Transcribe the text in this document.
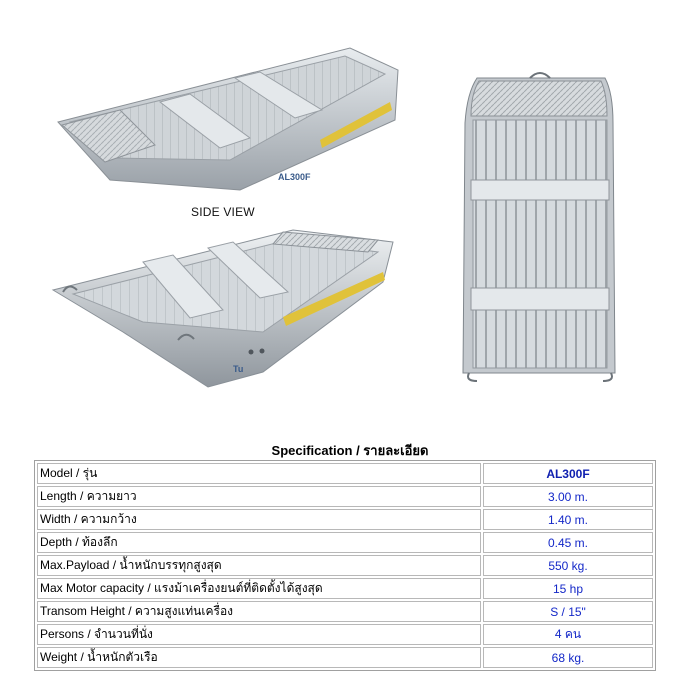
AL300F
SIDE VIEW
Tu
Specification / รายละเอียด
Model / รุ่น	AL300F
Length / ความยาว	3.00 m.
Width / ความกว้าง	1.40 m.
Depth / ท้องลึก	0.45 m.
Max.Payload / น้ำหนักบรรทุกสูงสุด	550 kg.
Max Motor capacity / แรงม้าเครื่องยนต์ที่ติดตั้งได้สูงสุด	15 hp
Transom Height / ความสูงแท่นเครื่อง	S / 15"
Persons / จำนวนที่นั่ง	4 คน
Weight / น้ำหนักตัวเรือ	68 kg.
